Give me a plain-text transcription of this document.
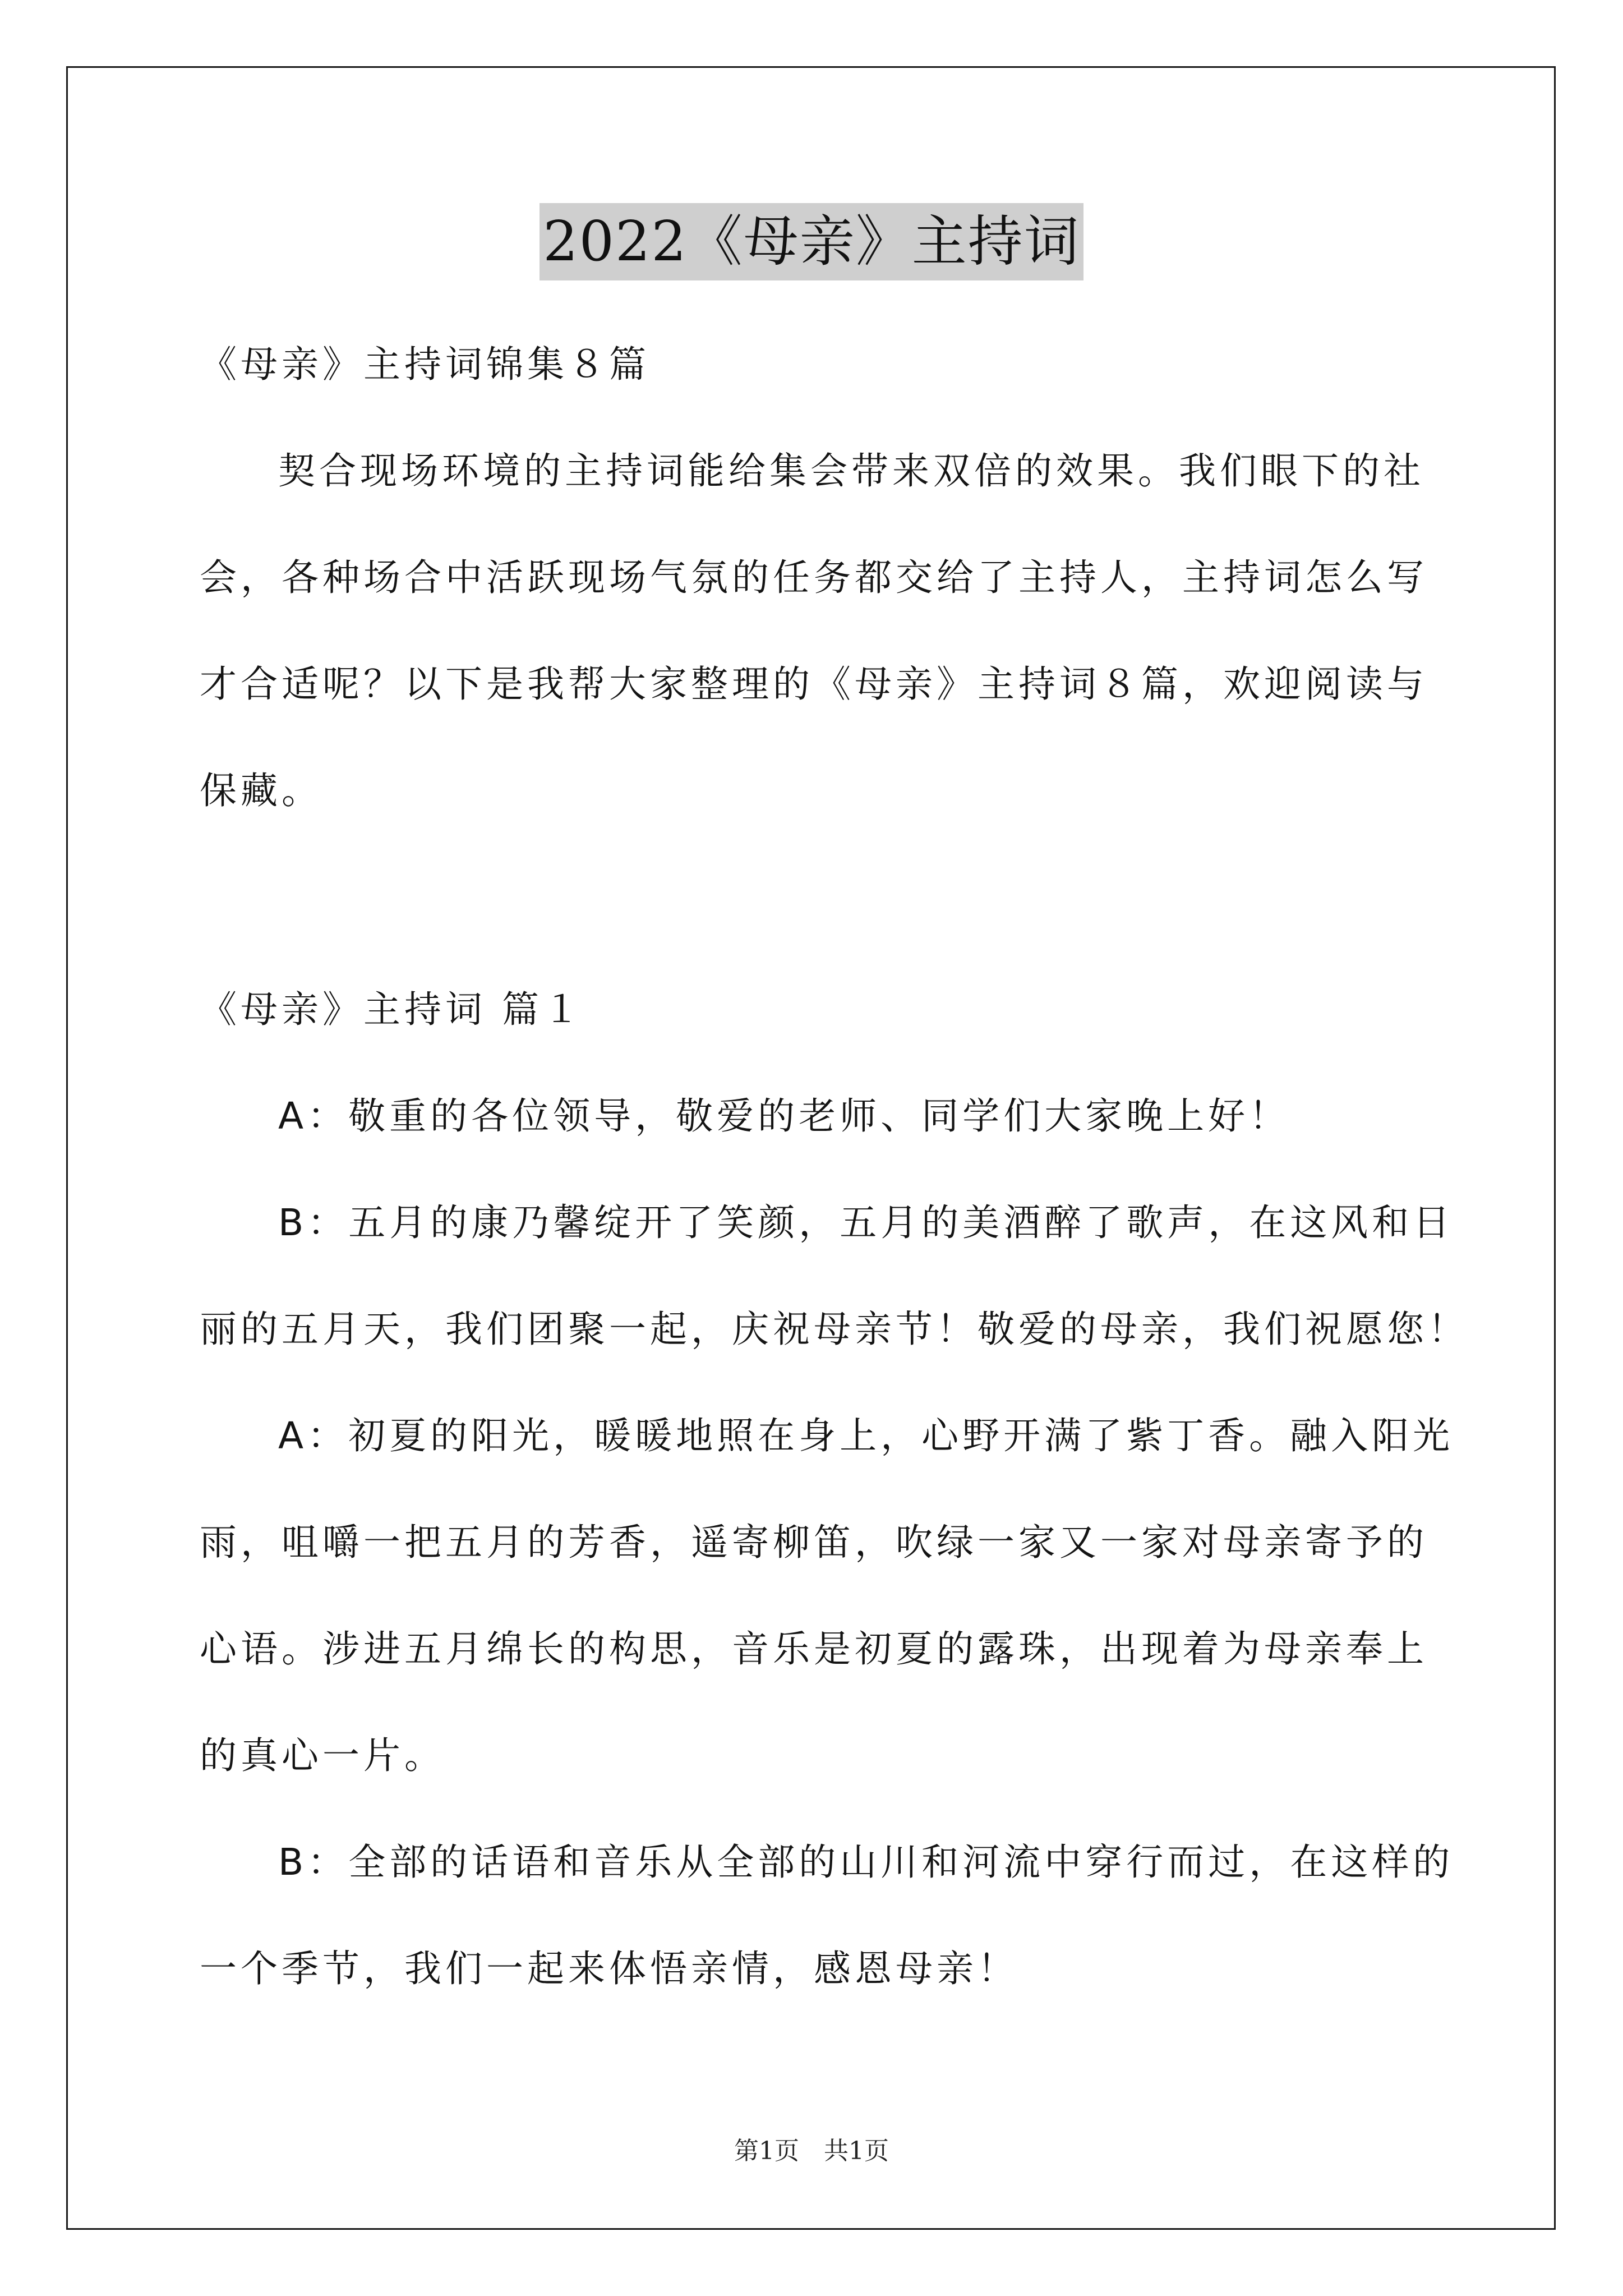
2022《母亲》主持词
《母亲》主持词锦集８篇
契合现场环境的主持词能给集会带来双倍的效果。我们眼下的社
会，各种场合中活跃现场气氛的任务都交给了主持人，主持词怎么写
才合适呢？以下是我帮大家整理的《母亲》主持词８篇，欢迎阅读与
保藏。
《母亲》主持词 篇１
A：敬重的各位领导，敬爱的老师、同学们大家晚上好！
B：五月的康乃馨绽开了笑颜，五月的美酒醉了歌声，在这风和日
丽的五月天，我们团聚一起，庆祝母亲节！敬爱的母亲，我们祝愿您！
A：初夏的阳光，暖暖地照在身上，心野开满了紫丁香。融入阳光
雨，咀嚼一把五月的芳香，遥寄柳笛，吹绿一家又一家对母亲寄予的
心语。涉进五月绵长的构思，音乐是初夏的露珠，出现着为母亲奉上
的真心一片。
B：全部的话语和音乐从全部的山川和河流中穿行而过，在这样的
一个季节，我们一起来体悟亲情，感恩母亲！
第1页　共1页
